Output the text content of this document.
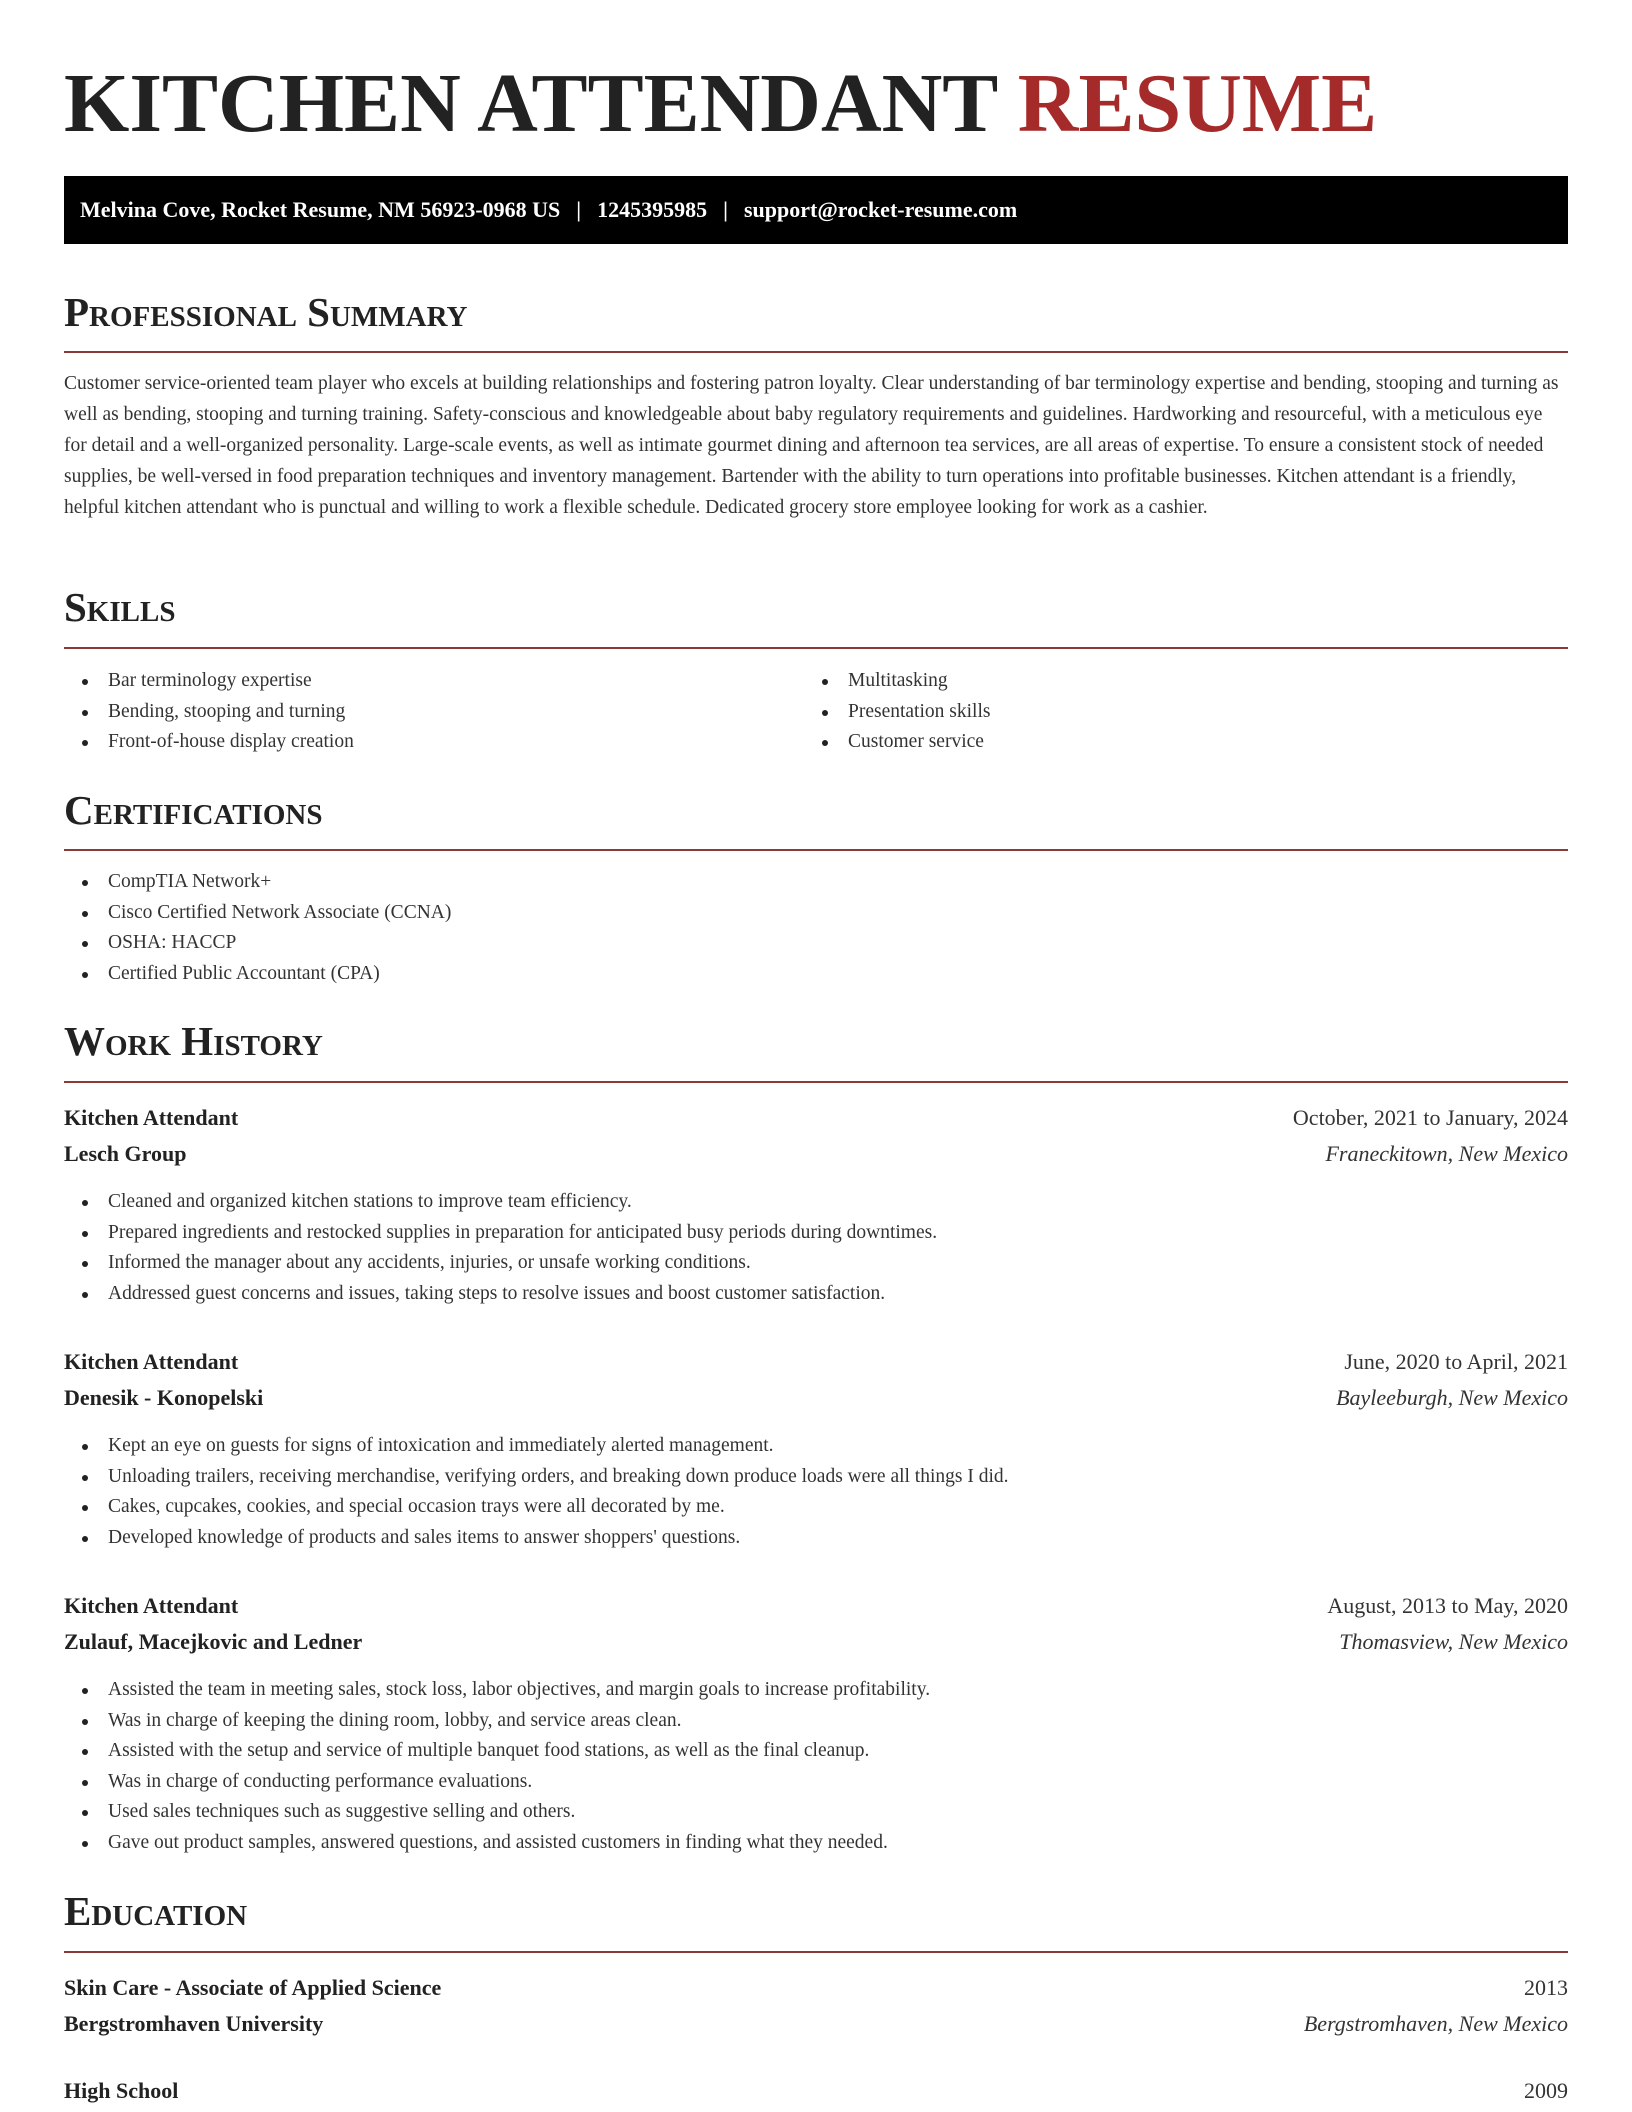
KITCHEN ATTENDANT RESUME
Melvina Cove, Rocket Resume, NM 56923-0968 US | 1245395985 | support@rocket-resume.com
Professional Summary

Customer service-oriented team player who excels at building relationships and fostering patron loyalty. Clear understanding of bar terminology expertise and bending, stooping and turning as well as bending, stooping and turning training. Safety-conscious and knowledgeable about baby regulatory requirements and guidelines. Hardworking and resourceful, with a meticulous eye for detail and a well-organized personality. Large-scale events, as well as intimate gourmet dining and afternoon tea services, are all areas of expertise. To ensure a consistent stock of needed supplies, be well-versed in food preparation techniques and inventory management. Bartender with the ability to turn operations into profitable businesses. Kitchen attendant is a friendly, helpful kitchen attendant who is punctual and willing to work a flexible schedule. Dedicated grocery store employee looking for work as a cashier.

Skills
Bar terminology expertise
Bending, stooping and turning
Front-of-house display creation
Multitasking
Presentation skills
Customer service
Certifications
CompTIA Network+
Cisco Certified Network Associate (CCNA)
OSHA: HACCP
Certified Public Accountant (CPA)
Work History
Kitchen Attendant	October, 2021 to January, 2024
Lesch Group	Franeckitown, New Mexico
Cleaned and organized kitchen stations to improve team efficiency.
Prepared ingredients and restocked supplies in preparation for anticipated busy periods during downtimes.
Informed the manager about any accidents, injuries, or unsafe working conditions.
Addressed guest concerns and issues, taking steps to resolve issues and boost customer satisfaction.
Kitchen Attendant	June, 2020 to April, 2021
Denesik - Konopelski	Bayleeburgh, New Mexico
Kept an eye on guests for signs of intoxication and immediately alerted management.
Unloading trailers, receiving merchandise, verifying orders, and breaking down produce loads were all things I did.
Cakes, cupcakes, cookies, and special occasion trays were all decorated by me.
Developed knowledge of products and sales items to answer shoppers' questions.
Kitchen Attendant	August, 2013 to May, 2020
Zulauf, Macejkovic and Ledner	Thomasview, New Mexico
Assisted the team in meeting sales, stock loss, labor objectives, and margin goals to increase profitability.
Was in charge of keeping the dining room, lobby, and service areas clean.
Assisted with the setup and service of multiple banquet food stations, as well as the final cleanup.
Was in charge of conducting performance evaluations.
Used sales techniques such as suggestive selling and others.
Gave out product samples, answered questions, and assisted customers in finding what they needed.
Education
Skin Care - Associate of Applied Science	2013
Bergstromhaven University	Bergstromhaven, New Mexico
High School	2009
